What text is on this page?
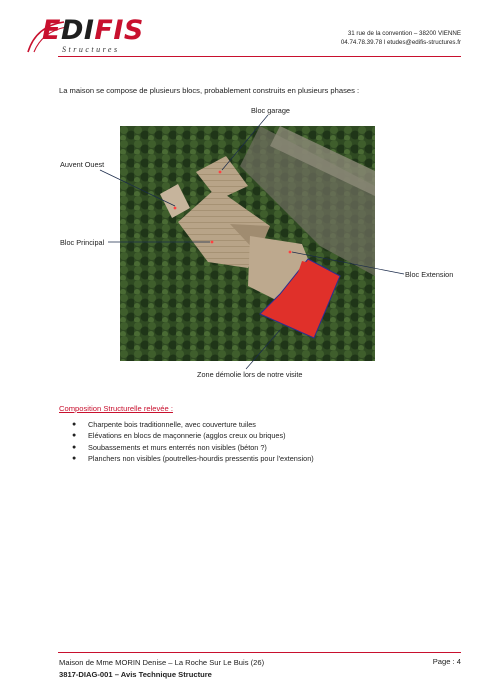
EDIFIS
Structures
31 rue de la convention – 38200 VIENNE
04.74.78.39.78 l etudes@edifis-structures.fr
La maison se compose de plusieurs blocs, probablement construits en plusieurs phases :
Bloc garage
Auvent Ouest
Bloc Principal
Bloc Extension
Zone démolie lors de notre visite
Composition Structurelle relevée :
● Charpente bois traditionnelle, avec couverture tuiles
● Elévations en blocs de maçonnerie (agglos creux ou briques)
● Soubassements et murs enterrés non visibles (béton ?)
● Planchers non visibles (poutrelles-hourdis pressentis pour l'extension)
Maison de Mme MORIN Denise – La Roche Sur Le Buis (26)
3817-DIAG-001 – Avis Technique Structure
Page : 4
